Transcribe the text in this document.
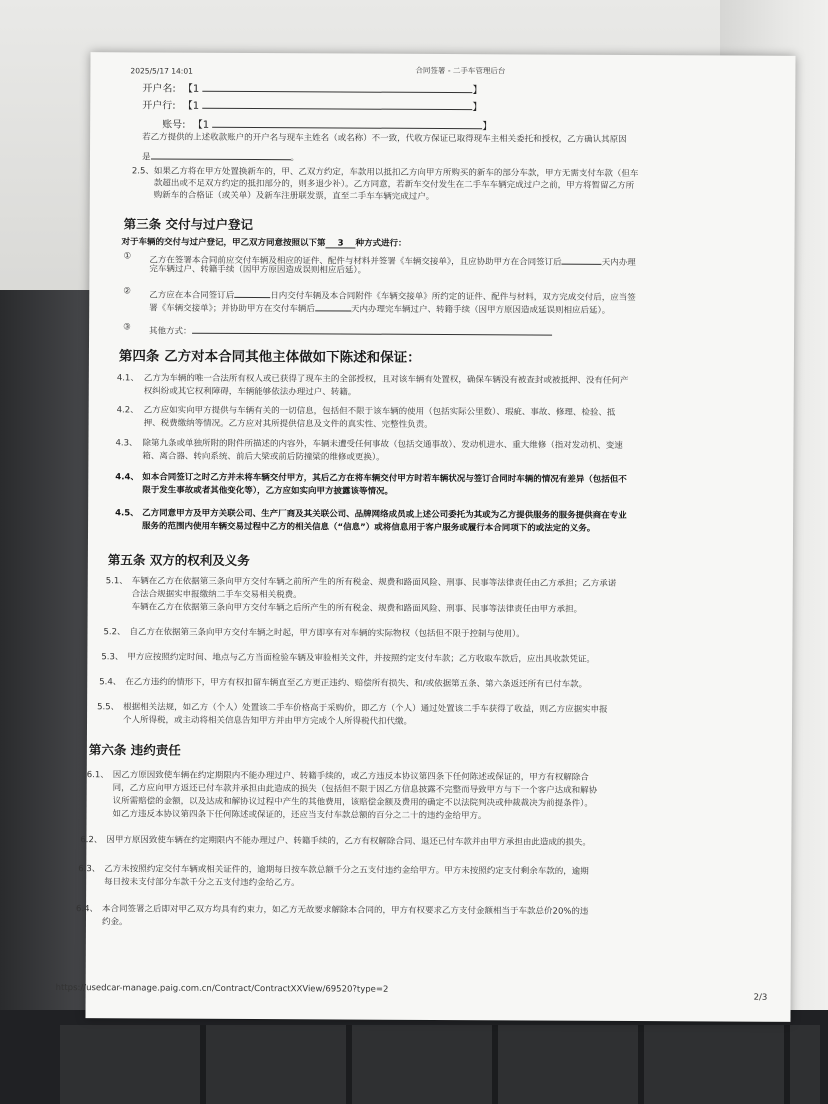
2025/5/17 14:01	合同签署 - 二手车管理后台
开户名: 【1	】
开户行: 【1	】
账号: 【1	】
若乙方提供的上述收款账户的开户名与现车主姓名（或名称）不一致，代收方保证已取得现车主相关委托和授权，乙方确认其原因
是	。
2.5、 如果乙方将在甲方处置换新车的，甲、乙双方约定，车款用以抵扣乙方向甲方所购买的新车的部分车款，甲方无需支付车款（但车
款超出或不足双方约定的抵扣部分的，则多退少补）。乙方同意，若新车交付发生在二手车车辆完成过户之前，甲方将暂留乙方所
购新车的合格证（或关单）及新车注册联发票，直至二手车车辆完成过户。
第三条 交付与过户登记
对于车辆的交付与过户登记，甲乙双方同意按照以下第 3 种方式进行：
① 乙方在签署本合同前应交付车辆及相应的证件、配件与材料并签署《车辆交接单》，且应协助甲方在合同签订后	天内办理
完车辆过户、转籍手续（因甲方原因造成误则相应后延）。
② 乙方应在本合同签订后	日内交付车辆及本合同附件《车辆交接单》所约定的证件、配件与材料，双方完成交付后，应当签
署《车辆交接单》；并协助甲方在交付车辆后	天内办理完车辆过户、转籍手续（因甲方原因造成延误则相应后延）。
③ 其他方式：
第四条 乙方对本合同其他主体做如下陈述和保证：
4.1、 乙方为车辆的唯一合法所有权人或已获得了现车主的全部授权，且对该车辆有处置权，确保车辆没有被查封或被抵押、没有任何产
权纠纷或其它权利障碍，车辆能够依法办理过户、转籍。
4.2、 乙方应如实向甲方提供与车辆有关的一切信息，包括但不限于该车辆的使用（包括实际公里数）、瑕疵、事故、修理、检验、抵
押、税费缴纳等情况。乙方应对其所提供信息及文件的真实性、完整性负责。
4.3、 除第九条或单独所附的附件所描述的内容外，车辆未遭受任何事故（包括交通事故）、发动机进水、重大维修（指对发动机、变速
箱、离合器、转向系统、前后大梁或前后防撞梁的维修或更换）。
4.4、 如本合同签订之时乙方并未将车辆交付甲方，其后乙方在将车辆交付甲方时若车辆状况与签订合同时车辆的情况有差异（包括但不
限于发生事故或者其他变化等），乙方应如实向甲方披露该等情况。
4.5、 乙方同意甲方及甲方关联公司、生产厂商及其关联公司、品牌网络成员或上述公司委托为其或为乙方提供服务的服务提供商在专业
服务的范围内使用车辆交易过程中乙方的相关信息（“信息”）或将信息用于客户服务或履行本合同项下的或法定的义务。
第五条 双方的权利及义务
5.1、 车辆在乙方在依据第三条向甲方交付车辆之前所产生的所有税金、规费和路面风险、刑事、民事等法律责任由乙方承担；乙方承诺
合法合规据实申报缴纳二手车交易相关税费。
车辆在乙方在依据第三条向甲方交付车辆之后所产生的所有税金、规费和路面风险、刑事、民事等法律责任由甲方承担。
5.2、 自乙方在依据第三条向甲方交付车辆之时起，甲方即享有对车辆的实际物权（包括但不限于控制与使用）。
5.3、 甲方应按照约定时间、地点与乙方当面检验车辆及审验相关文件，并按照约定支付车款；乙方收取车款后，应出具收款凭证。
5.4、 在乙方违约的情形下，甲方有权扣留车辆直至乙方更正违约、赔偿所有损失、和/或依据第五条、第六条返还所有已付车款。
5.5、 根据相关法规，如乙方（个人）处置该二手车价格高于采购价，即乙方（个人）通过处置该二手车获得了收益，则乙方应据实申报
个人所得税，或主动将相关信息告知甲方并由甲方完成个人所得税代扣代缴。
第六条 违约责任
6.1、 因乙方原因致使车辆在约定期限内不能办理过户、转籍手续的，或乙方违反本协议第四条下任何陈述或保证的，甲方有权解除合
同，乙方应向甲方返还已付车款并承担由此造成的损失（包括但不限于因乙方信息披露不完整而导致甲方与下一个客户达成和解协
议所需赔偿的金额，以及达成和解协议过程中产生的其他费用，该赔偿金额及费用的确定不以法院判决或仲裁裁决为前提条件）。
如乙方违反本协议第四条下任何陈述或保证的，还应当支付车款总额的百分之二十的违约金给甲方。
6.2、 因甲方原因致使车辆在约定期限内不能办理过户、转籍手续的，乙方有权解除合同、退还已付车款并由甲方承担由此造成的损失。
6.3、 乙方未按照约定交付车辆或相关证件的，逾期每日按车款总额千分之五支付违约金给甲方。甲方未按照约定支付剩余车款的，逾期
每日按未支付部分车款千分之五支付违约金给乙方。
6.4、 本合同签署之后即对甲乙双方均具有约束力，如乙方无故要求解除本合同的，甲方有权要求乙方支付金额相当于车款总价20%的违
约金。
https://usedcar-manage.paig.com.cn/Contract/ContractXXView/69520?type=2
2/3
